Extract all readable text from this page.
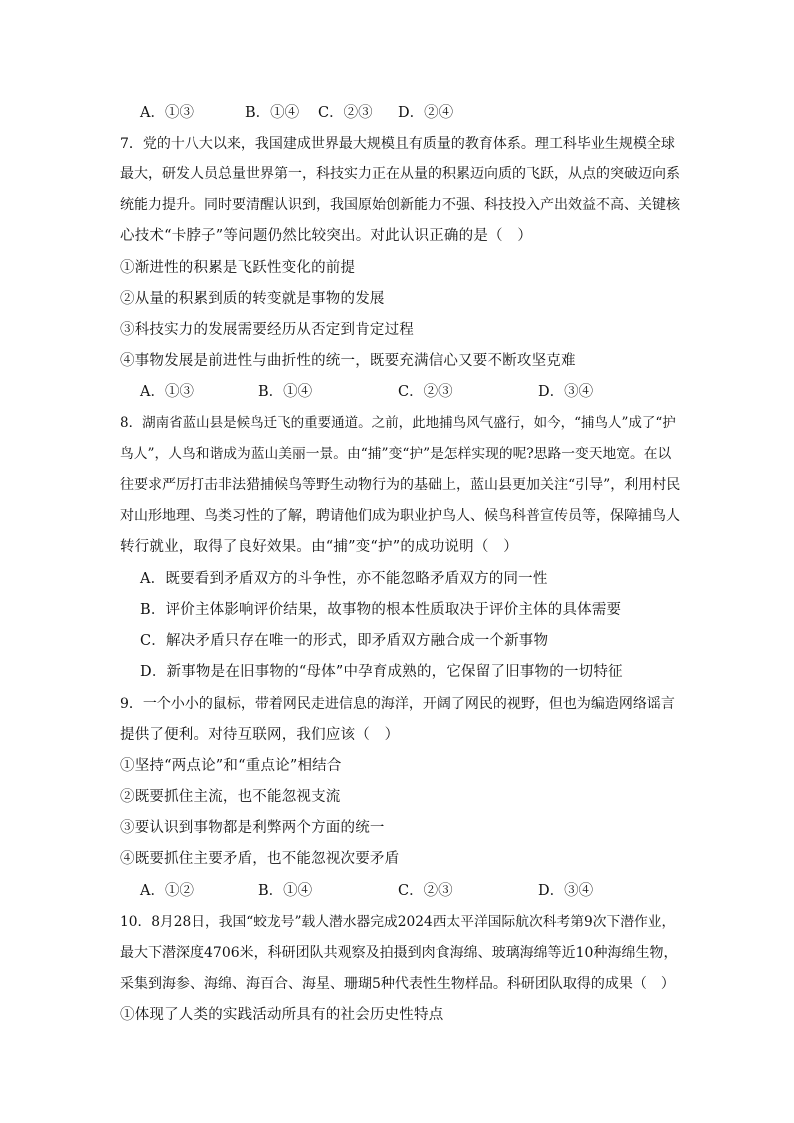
A．①③	B．①④ C．②③ D．②④
7．党的十八大以来，我国建成世界最大规模且有质量的教育体系。理工科毕业生规模全球
最大，研发人员总量世界第一，科技实力正在从量的积累迈向质的飞跃，从点的突破迈向系
统能力提升。同时要清醒认识到，我国原始创新能力不强、科技投入产出效益不高、关键核
心技术“卡脖子”等问题仍然比较突出。对此认识正确的是（　）
①渐进性的积累是飞跃性变化的前提
②从量的积累到质的转变就是事物的发展
③科技实力的发展需要经历从否定到肯定过程
④事物发展是前进性与曲折性的统一，既要充满信心又要不断攻坚克难
A．①③	B．①④	C．②③	D．③④
8．湖南省蓝山县是候鸟迁飞的重要通道。之前，此地捕鸟风气盛行，如今，“捕鸟人”成了“护
鸟人”，人鸟和谐成为蓝山美丽一景。由“捕”变“护”是怎样实现的呢?思路一变天地宽。在以
往要求严厉打击非法猎捕候鸟等野生动物行为的基础上，蓝山县更加关注“引导”，利用村民
对山形地理、鸟类习性的了解，聘请他们成为职业护鸟人、候鸟科普宣传员等，保障捕鸟人
转行就业，取得了良好效果。由“捕”变“护”的成功说明（　）
A．既要看到矛盾双方的斗争性，亦不能忽略矛盾双方的同一性
B．评价主体影响评价结果，故事物的根本性质取决于评价主体的具体需要
C．解决矛盾只存在唯一的形式，即矛盾双方融合成一个新事物
D．新事物是在旧事物的“母体”中孕育成熟的，它保留了旧事物的一切特征
9．一个小小的鼠标，带着网民走进信息的海洋，开阔了网民的视野，但也为编造网络谣言
提供了便利。对待互联网，我们应该（　）
①坚持“两点论”和“重点论”相结合
②既要抓住主流，也不能忽视支流
③要认识到事物都是利弊两个方面的统一
④既要抓住主要矛盾，也不能忽视次要矛盾
A．①②	B．①④	C．②③	D．③④
10．8月28日，我国“蛟龙号”载人潜水器完成2024西太平洋国际航次科考第9次下潜作业，
最大下潜深度4706米，科研团队共观察及拍摄到肉食海绵、玻璃海绵等近10种海绵生物，
采集到海参、海绵、海百合、海星、珊瑚5种代表性生物样品。科研团队取得的成果（　）
①体现了人类的实践活动所具有的社会历史性特点
